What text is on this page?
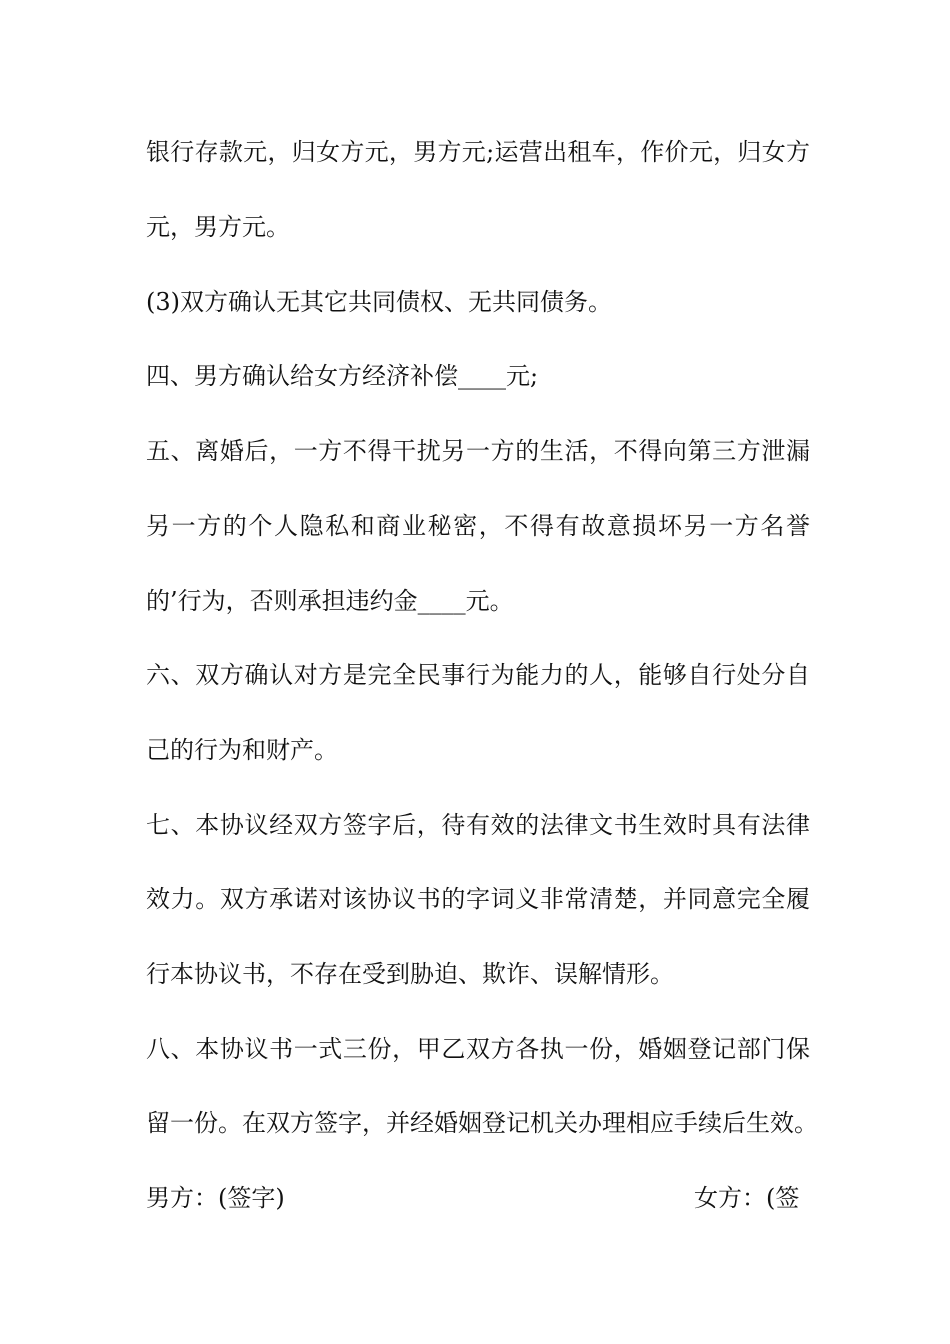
银行存款元，归女方元，男方元;运营出租车，作价元，归女方
元，男方元。
(3)双方确认无其它共同债权、无共同债务。
四、男方确认给女方经济补偿____元;
五、离婚后，一方不得干扰另一方的生活，不得向第三方泄漏
另一方的个人隐私和商业秘密，不得有故意损坏另一方名誉
的’行为，否则承担违约金____元。
六、双方确认对方是完全民事行为能力的人，能够自行处分自
己的行为和财产。
七、本协议经双方签字后，待有效的法律文书生效时具有法律
效力。双方承诺对该协议书的字词义非常清楚，并同意完全履
行本协议书，不存在受到胁迫、欺诈、误解情形。
八、本协议书一式三份，甲乙双方各执一份，婚姻登记部门保
留一份。在双方签字，并经婚姻登记机关办理相应手续后生效。
男方：(签字)	女方：(签
